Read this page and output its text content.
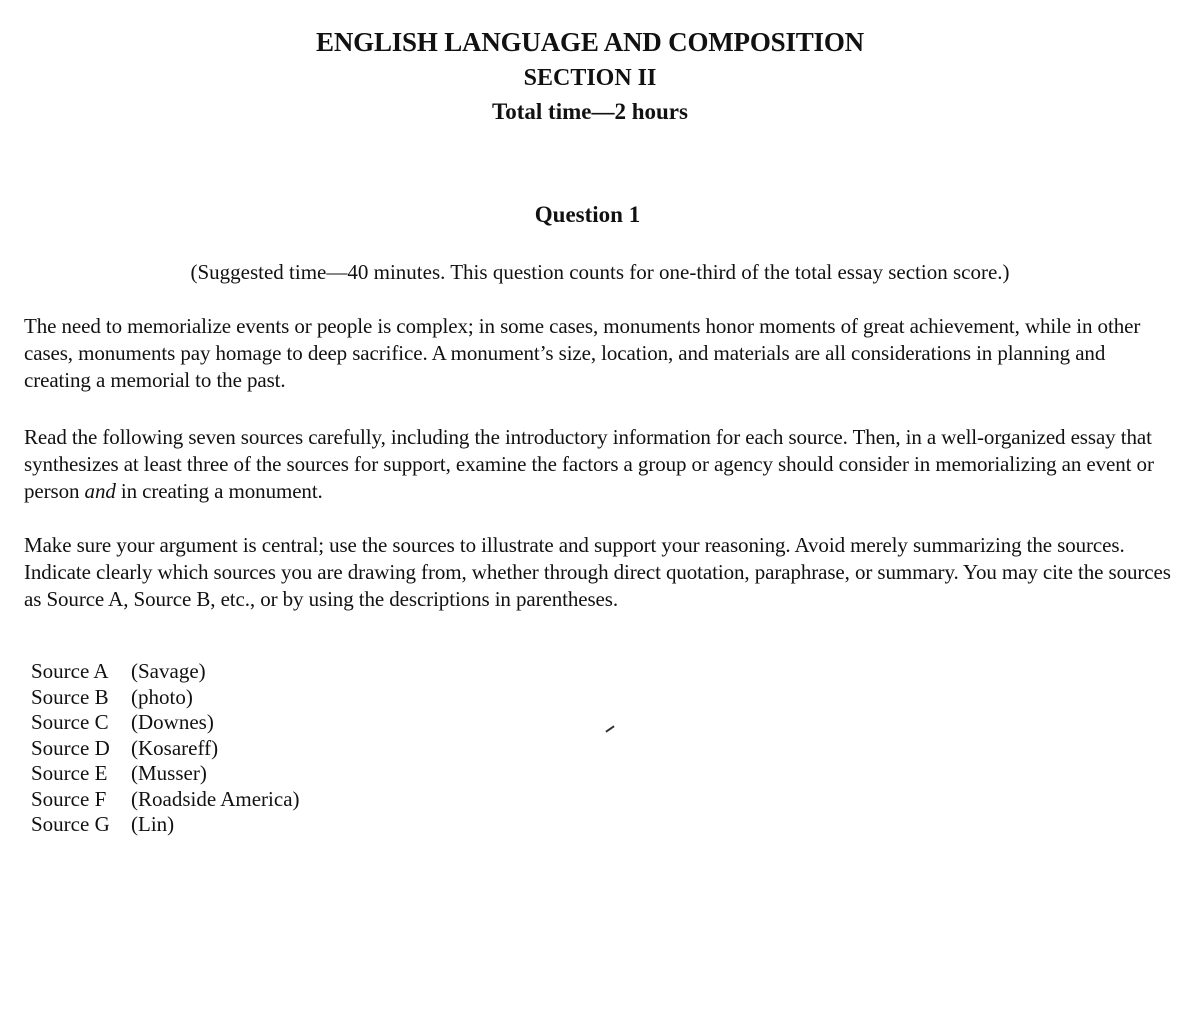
ENGLISH LANGUAGE AND COMPOSITION

SECTION II

Total time—2 hours

Question 1
(Suggested time—40 minutes. This question counts for one-third of the total essay section score.)

The need to memorialize events or people is complex; in some cases, monuments honor moments of great achievement, while in other cases, monuments pay homage to deep sacrifice. A monument’s size, location, and materials are all considerations in planning and creating a memorial to the past.

Read the following seven sources carefully, including the introductory information for each source. Then, in a well-organized essay that synthesizes at least three of the sources for support, examine the factors a group or agency should consider in memorializing an event or person and in creating a monument.

Make sure your argument is central; use the sources to illustrate and support your reasoning. Avoid merely summarizing the sources. Indicate clearly which sources you are drawing from, whether through direct quotation, paraphrase, or summary. You may cite the sources as Source A, Source B, etc., or by using the descriptions in parentheses.

Source A	(Savage)
Source B	(photo)
Source C	(Downes)
Source D	(Kosareff)
Source E	(Musser)
Source F	(Roadside America)
Source G	(Lin)
